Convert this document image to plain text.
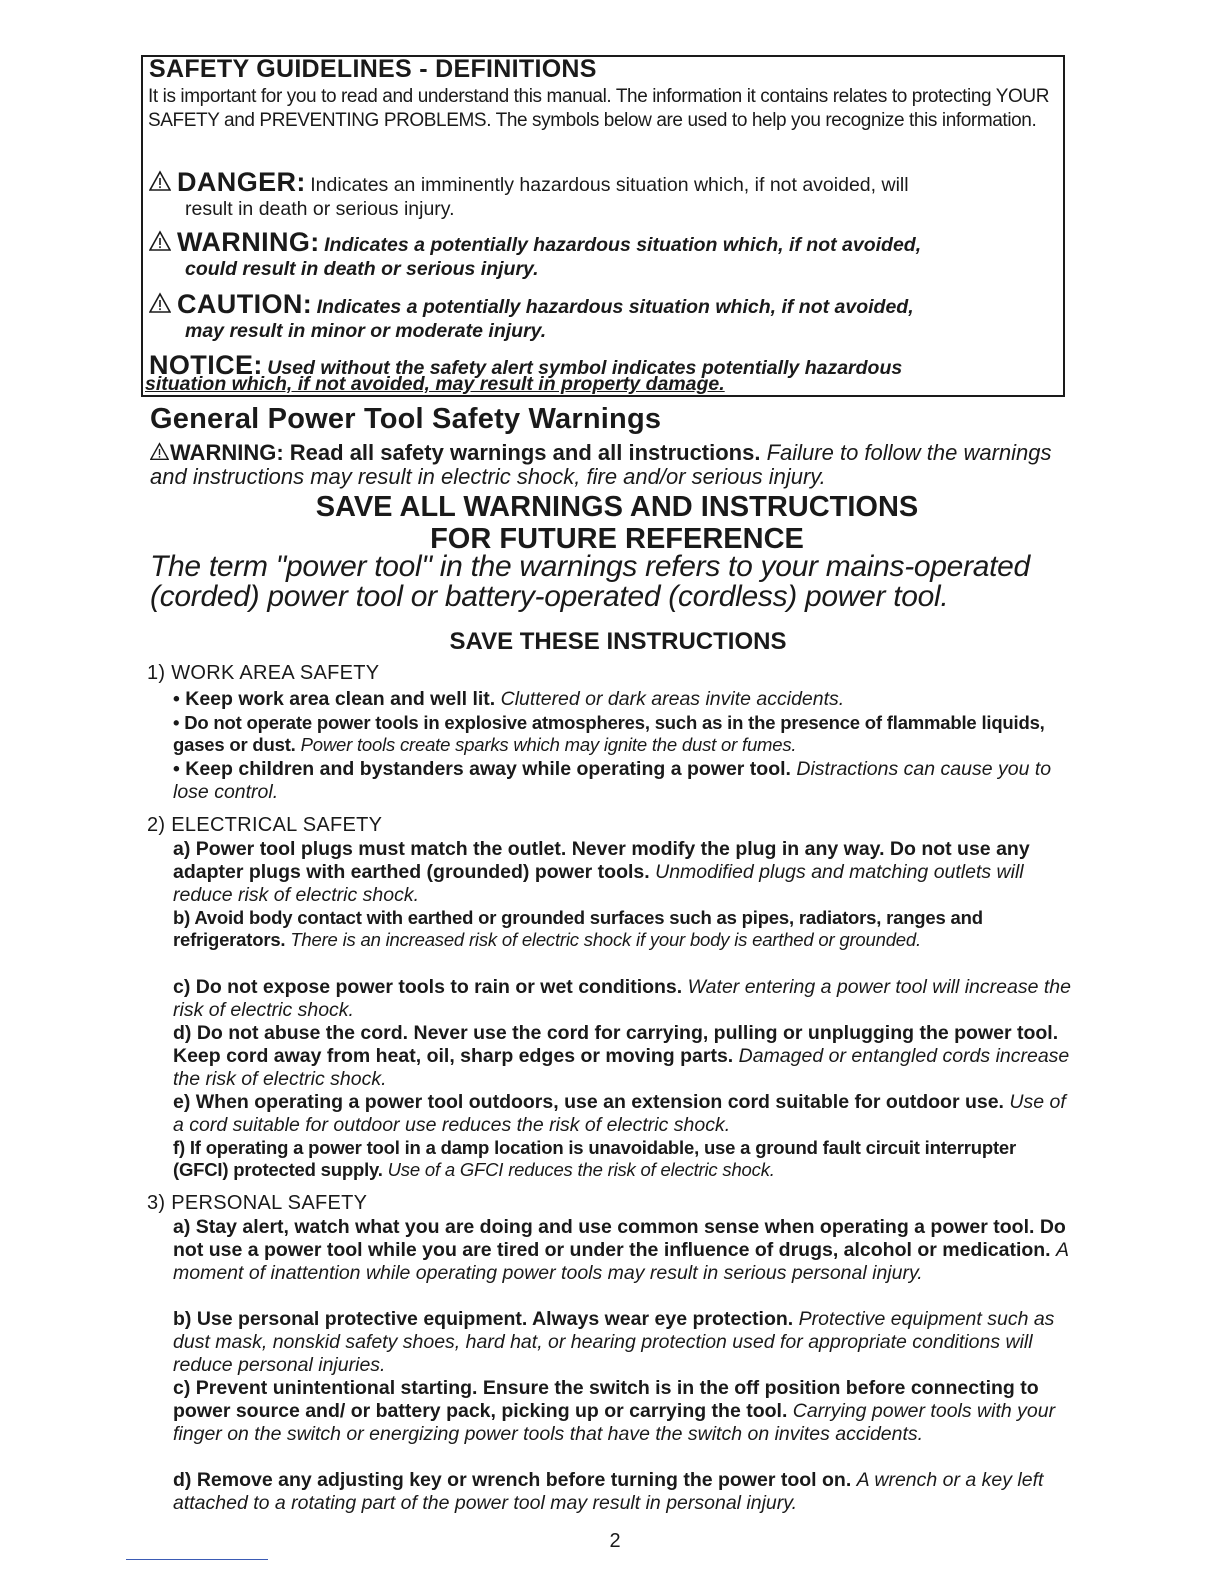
SAFETY GUIDELINES - DEFINITIONS
It is important for you to read and understand this manual. The information it contains relates to protecting YOUR SAFETY and PREVENTING PROBLEMS. The symbols below are used to help you recognize this information.
DANGER: Indicates an imminently hazardous situation which, if not avoided, will
result in death or serious injury.
WARNING: Indicates a potentially hazardous situation which, if not avoided,
could result in death or serious injury.
CAUTION: Indicates a potentially hazardous situation which, if not avoided,
may result in minor or moderate injury.
NOTICE: Used without the safety alert symbol indicates potentially hazardous
situation which, if not avoided, may result in property damage.
General Power Tool Safety Warnings
WARNING: Read all safety warnings and all instructions. Failure to follow the warnings and instructions may result in electric shock, fire and/or serious injury.
SAVE ALL WARNINGS AND INSTRUCTIONS
FOR FUTURE REFERENCE
The term "power tool" in the warnings refers to your mains-operated (corded) power tool or battery-operated (cordless) power tool.
SAVE THESE INSTRUCTIONS
1) WORK AREA SAFETY
• Keep work area clean and well lit. Cluttered or dark areas invite accidents.
• Do not operate power tools in explosive atmospheres, such as in the presence of flammable liquids, gases or dust. Power tools create sparks which may ignite the dust or fumes.
• Keep children and bystanders away while operating a power tool. Distractions can cause you to lose control.
2) ELECTRICAL SAFETY
a) Power tool plugs must match the outlet. Never modify the plug in any way. Do not use any adapter plugs with earthed (grounded) power tools. Unmodified plugs and matching outlets will reduce risk of electric shock.
b) Avoid body contact with earthed or grounded surfaces such as pipes, radiators, ranges and refrigerators. There is an increased risk of electric shock if your body is earthed or grounded.
c) Do not expose power tools to rain or wet conditions. Water entering a power tool will increase the risk of electric shock.
d) Do not abuse the cord. Never use the cord for carrying, pulling or unplugging the power tool. Keep cord away from heat, oil, sharp edges or moving parts. Damaged or entangled cords increase the risk of electric shock.
e) When operating a power tool outdoors, use an extension cord suitable for outdoor use. Use of a cord suitable for outdoor use reduces the risk of electric shock.
f) If operating a power tool in a damp location is unavoidable, use a ground fault circuit interrupter (GFCI) protected supply. Use of a GFCI reduces the risk of electric shock.
3) PERSONAL SAFETY
a) Stay alert, watch what you are doing and use common sense when operating a power tool. Do not use a power tool while you are tired or under the influence of drugs, alcohol or medication. A moment of inattention while operating power tools may result in serious personal injury.
b) Use personal protective equipment. Always wear eye protection. Protective equipment such as dust mask, nonskid safety shoes, hard hat, or hearing protection used for appropriate conditions will reduce personal injuries.
c) Prevent unintentional starting. Ensure the switch is in the off position before connecting to power source and/ or battery pack, picking up or carrying the tool. Carrying power tools with your finger on the switch or energizing power tools that have the switch on invites accidents.
d) Remove any adjusting key or wrench before turning the power tool on. A wrench or a key left attached to a rotating part of the power tool may result in personal injury.
2
